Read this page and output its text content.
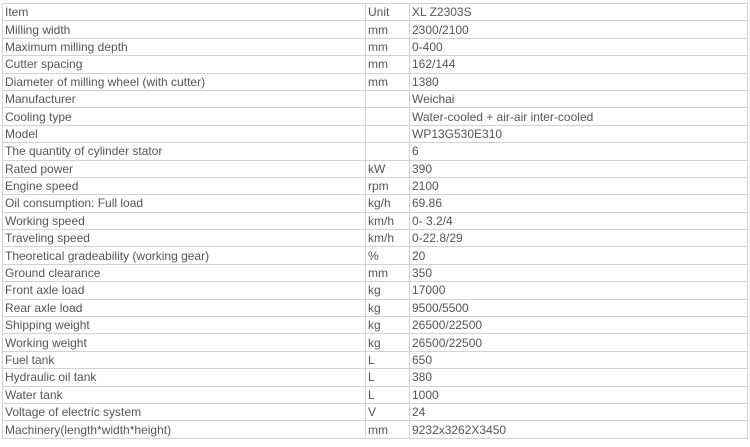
Item	Unit	XL Z2303S
Milling width	mm	2300/2100
Maximum milling depth	mm	0-400
Cutter spacing	mm	162/144
Diameter of milling wheel (with cutter)	mm	1380
Manufacturer		Weichai
Cooling type		Water-cooled + air-air inter-cooled
Model		WP13G530E310
The quantity of cylinder stator		6
Rated power	kW	390
Engine speed	rpm	2100
Oil consumption: Full load	kg/h	69.86
Working speed	km/h	0- 3.2/4
Traveling speed	km/h	0-22.8/29
Theoretical gradeability (working gear)	%	20
Ground clearance	mm	350
Front axle load	kg	17000
Rear axle load	kg	9500/5500
Shipping weight	kg	26500/22500
Working weight	kg	26500/22500
Fuel tank	L	650
Hydraulic oil tank	L	380
Water tank	L	1000
Voltage of electric system	V	24
Machinery(length*width*height)	mm	9232x3262X3450
